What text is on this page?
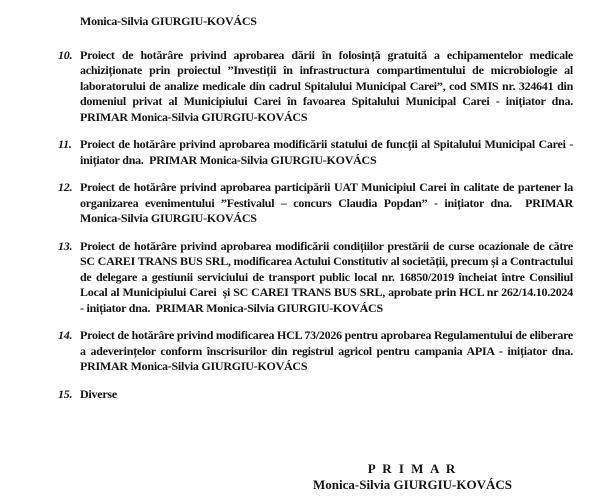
Monica-Silvia GIURGIU-KOVÁCS

10. Proiect de hotărâre privind aprobarea dării în folosință gratuită a echipamentelor medicale achiziționate prin proiectul ”Investiții în infrastructura compartimentului de microbiologie al laboratorului de analize medicale din cadrul Spitalului Municipal Carei”, cod SMIS nr. 324641 din domeniul privat al Municipiului Carei în favoarea Spitalului Municipal Carei - inițiator dna.  PRIMAR Monica-Silvia GIURGIU-KOVÁCS
11. Proiect de hotărâre privind aprobarea modificării statului de funcții al Spitalului Municipal Carei - inițiator dna.  PRIMAR Monica-Silvia GIURGIU-KOVÁCS
12. Proiect de hotărâre privind aprobarea participării UAT Municipiul Carei în calitate de partener la organizarea evenimentului ”Festivalul – concurs Claudia Popdan” - inițiator dna.  PRIMAR Monica-Silvia GIURGIU-KOVÁCS
13. Proiect de hotărâre privind aprobarea modificării condițiilor prestării de curse ocazionale de către  SC CAREI TRANS BUS SRL, modificarea Actului Constitutiv al societății, precum și a Contractului de delegare a gestiunii serviciului de transport public local nr. 16850/2019 încheiat între Consiliul Local al Municipiului Carei  și SC CAREI TRANS BUS SRL, aprobate prin HCL nr 262/14.10.2024 - inițiator dna.  PRIMAR Monica-Silvia GIURGIU-KOVÁCS
14. Proiect de hotărâre privind modificarea HCL 73/2026 pentru aprobarea Regulamentului de eliberare a adeverințelor conform înscrisurilor din registrul agricol pentru campania APIA - inițiator dna.  PRIMAR Monica-Silvia GIURGIU-KOVÁCS
15. Diverse
P R I M A R
Monica-Silvia GIURGIU-KOVÁCS
